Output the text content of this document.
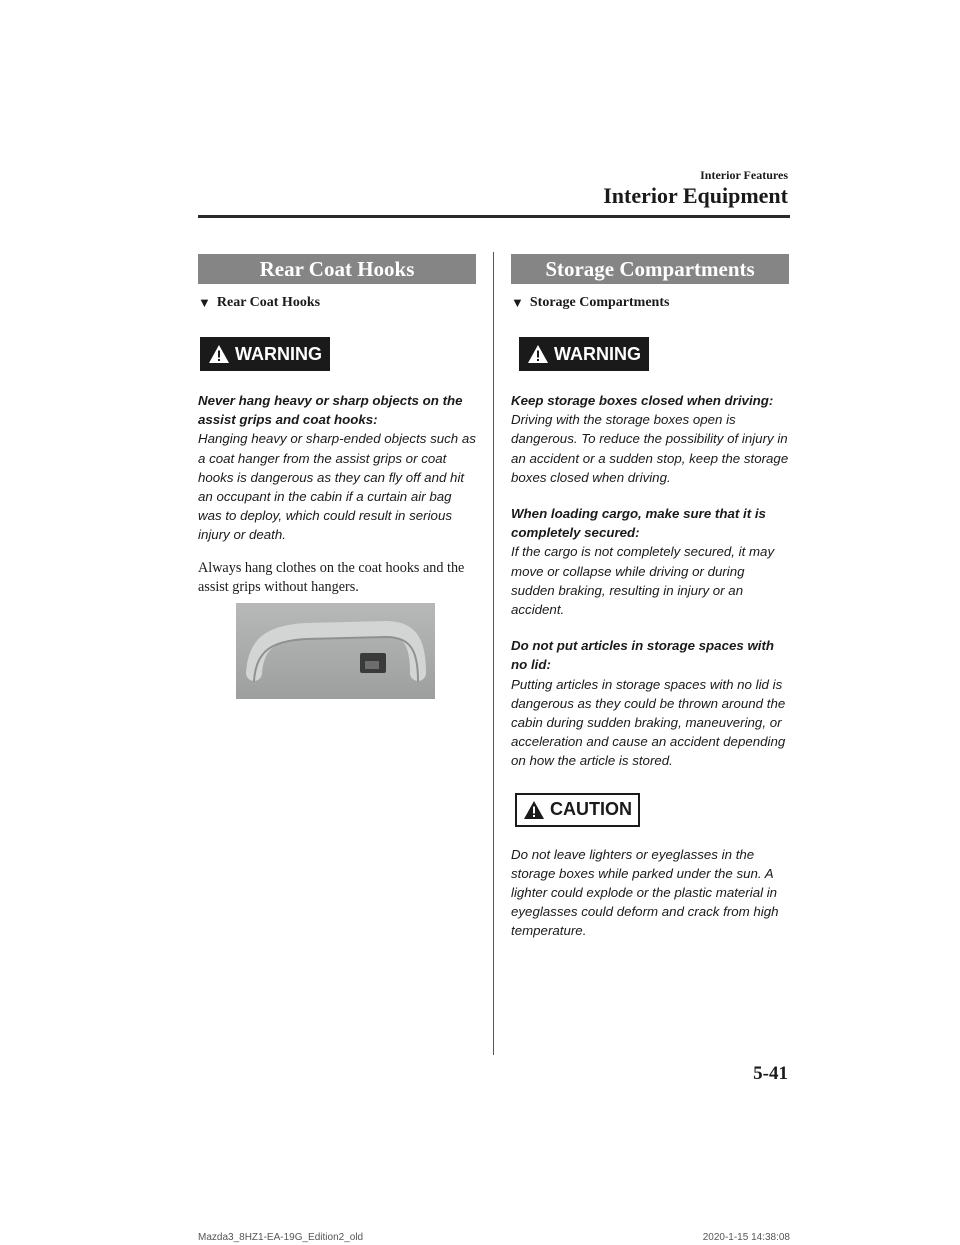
Interior Features
Interior Equipment
Rear Coat Hooks
▼ Rear Coat Hooks
WARNING

Never hang heavy or sharp objects on the assist grips and coat hooks:

Hanging heavy or sharp-ended objects such as a coat hanger from the assist grips or coat hooks is dangerous as they can fly off and hit an occupant in the cabin if a curtain air bag was to deploy, which could result in serious injury or death.

Always hang clothes on the coat hooks and the assist grips without hangers.
Storage Compartments
▼ Storage Compartments
WARNING

Keep storage boxes closed when driving:

Driving with the storage boxes open is dangerous. To reduce the possibility of injury in an accident or a sudden stop, keep the storage boxes closed when driving.

When loading cargo, make sure that it is completely secured:

If the cargo is not completely secured, it may move or collapse while driving or during sudden braking, resulting in injury or an accident.

Do not put articles in storage spaces with no lid:

Putting articles in storage spaces with no lid is dangerous as they could be thrown around the cabin during sudden braking, maneuvering, or acceleration and cause an accident depending on how the article is stored.

CAUTION

Do not leave lighters or eyeglasses in the storage boxes while parked under the sun. A lighter could explode or the plastic material in eyeglasses could deform and crack from high temperature.

5-41
Mazda3_8HZ1-EA-19G_Edition2_old	2020-1-15 14:38:08
